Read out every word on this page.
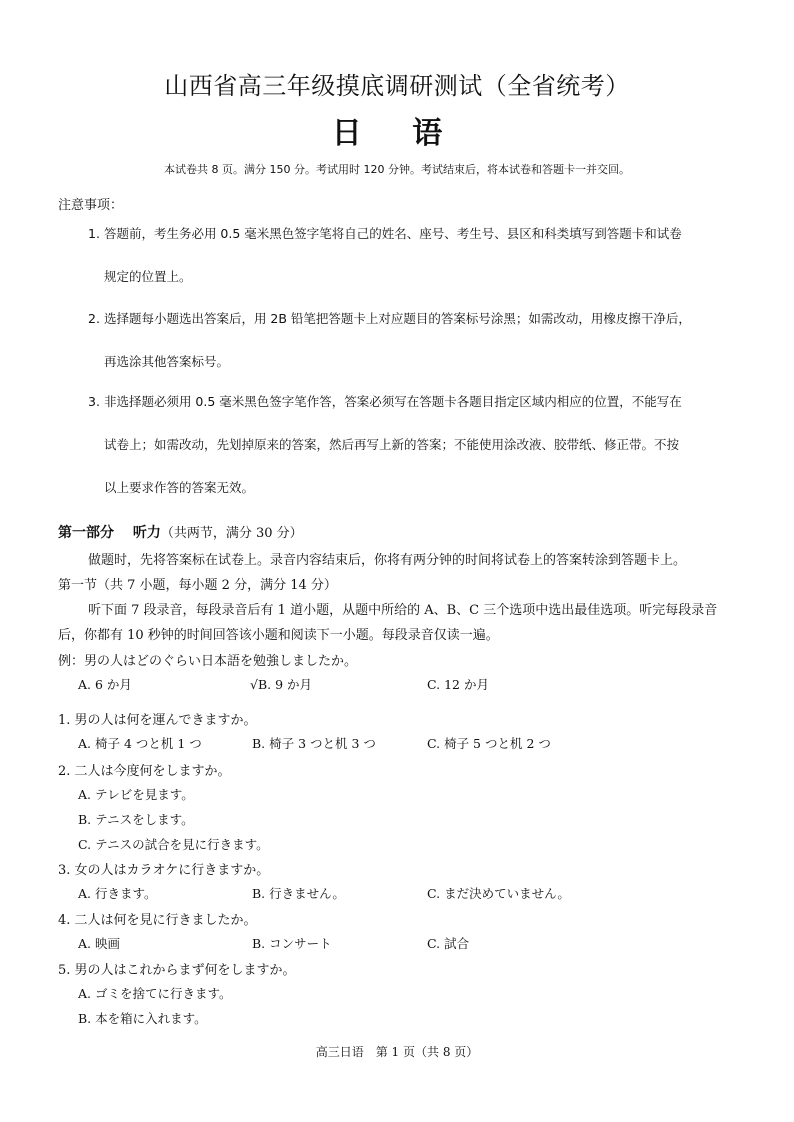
山西省高三年级摸底调研测试（全省统考）
日 语
本试卷共 8 页。满分 150 分。考试用时 120 分钟。考试结束后，将本试卷和答题卡一并交回。
注意事项：
1. 答题前，考生务必用 0.5 毫米黑色签字笔将自己的姓名、座号、考生号、县区和科类填写到答题卡和试卷
规定的位置上。
2. 选择题每小题选出答案后，用 2B 铅笔把答题卡上对应题目的答案标号涂黑；如需改动，用橡皮擦干净后，
再选涂其他答案标号。
3. 非选择题必须用 0.5 毫米黑色签字笔作答，答案必须写在答题卡各题目指定区域内相应的位置，不能写在
试卷上；如需改动，先划掉原来的答案，然后再写上新的答案；不能使用涂改液、胶带纸、修正带。不按
以上要求作答的答案无效。
第一部分　 听力（共两节，满分 30 分）
做题时，先将答案标在试卷上。录音内容结束后，你将有两分钟的时间将试卷上的答案转涂到答题卡上。
第一节（共 7 小题，每小题 2 分，满分 14 分）
听下面 7 段录音，每段录音后有 1 道小题，从题中所给的 A、B、C 三个选项中选出最佳选项。听完每段录音
后，你都有 10 秒钟的时间回答该小题和阅读下一小题。每段录音仅读一遍。
例：男の人はどのぐらい日本語を勉強しましたか。
A. 6 か月	√B. 9 か月	C. 12 か月
1. 男の人は何を運んできますか。
A. 椅子 4 つと机 1 つ	B. 椅子 3 つと机 3 つ	C. 椅子 5 つと机 2 つ
2. 二人は今度何をしますか。
A. テレビを見ます。
B. テニスをします。
C. テニスの試合を見に行きます。
3. 女の人はカラオケに行きますか。
A. 行きます。	B. 行きません。	C. まだ決めていません。
4. 二人は何を見に行きましたか。
A. 映画	B. コンサート	C. 試合
5. 男の人はこれからまず何をしますか。
A. ゴミを捨てに行きます。
B. 本を箱に入れます。
高三日语　第 1 页（共 8 页）
